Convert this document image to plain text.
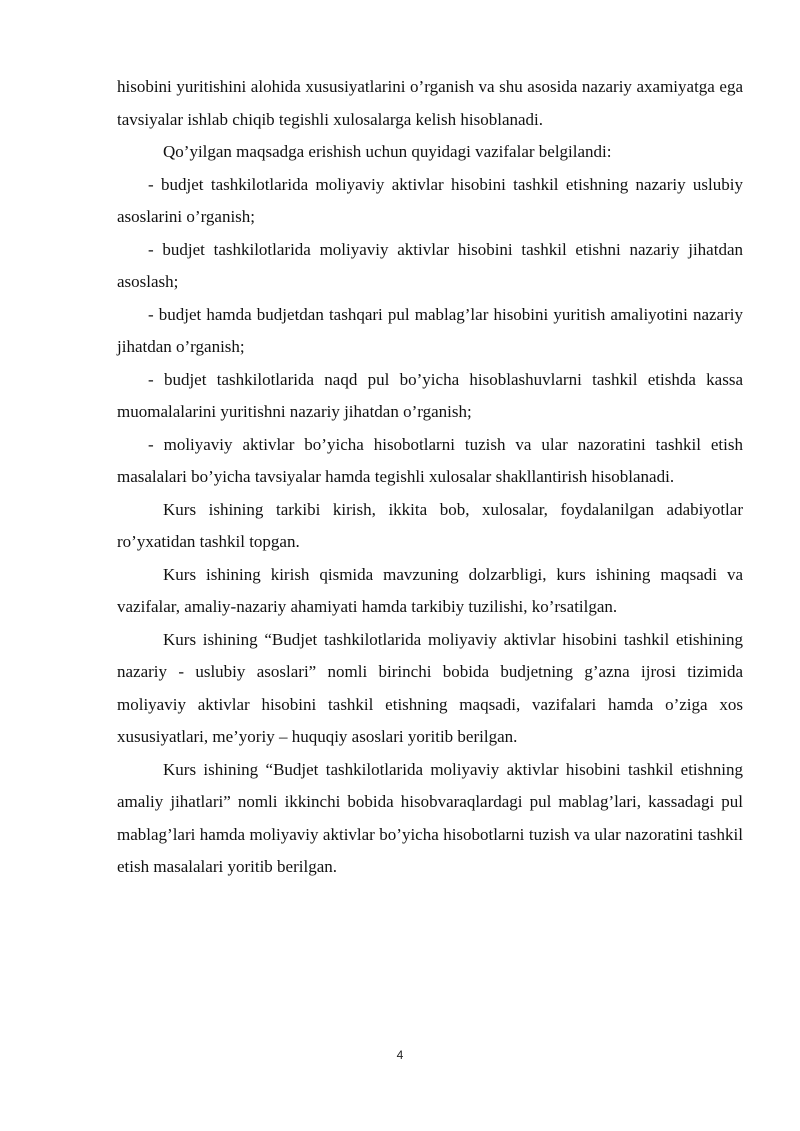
hisobini yuritishini alohida xususiyatlarini o’rganish va shu asosida nazariy axamiyatga ega tavsiyalar ishlab chiqib tegishli xulosalarga kelish hisoblanadi.

Qo’yilgan maqsadga erishish uchun quyidagi vazifalar belgilandi:

- budjet tashkilotlarida moliyaviy aktivlar hisobini tashkil etishning nazariy uslubiy asoslarini o’rganish;

- budjet tashkilotlarida moliyaviy aktivlar hisobini tashkil etishni nazariy jihatdan asoslash;

- budjet hamda budjetdan tashqari pul mablag’lar hisobini yuritish amaliyotini nazariy jihatdan o’rganish;

- budjet tashkilotlarida naqd pul bo’yicha hisoblashuvlarni tashkil etishda kassa muomalalarini yuritishni nazariy jihatdan o’rganish;

- moliyaviy aktivlar bo’yicha hisobotlarni tuzish va ular nazoratini tashkil etish masalalari bo’yicha tavsiyalar hamda tegishli xulosalar shakllantirish hisoblanadi.

Kurs ishining tarkibi kirish, ikkita bob, xulosalar, foydalanilgan adabiyotlar ro’yxatidan tashkil topgan.

Kurs ishining kirish qismida mavzuning dolzarbligi, kurs ishining maqsadi va vazifalar, amaliy-nazariy ahamiyati hamda tarkibiy tuzilishi, ko’rsatilgan.

Kurs ishining “Budjet tashkilotlarida moliyaviy aktivlar hisobini tashkil etishining nazariy - uslubiy asoslari” nomli birinchi bobida budjetning g’azna ijrosi tizimida moliyaviy aktivlar hisobini tashkil etishning maqsadi, vazifalari hamda o’ziga xos xususiyatlari, me’yoriy – huquqiy asoslari yoritib berilgan.

Kurs ishining “Budjet tashkilotlarida moliyaviy aktivlar hisobini tashkil etishning amaliy jihatlari” nomli ikkinchi bobida hisobvaraqlardagi pul mablag’lari, kassadagi pul mablag’lari hamda moliyaviy aktivlar bo’yicha hisobotlarni tuzish va ular nazoratini tashkil etish masalalari yoritib berilgan.

4
